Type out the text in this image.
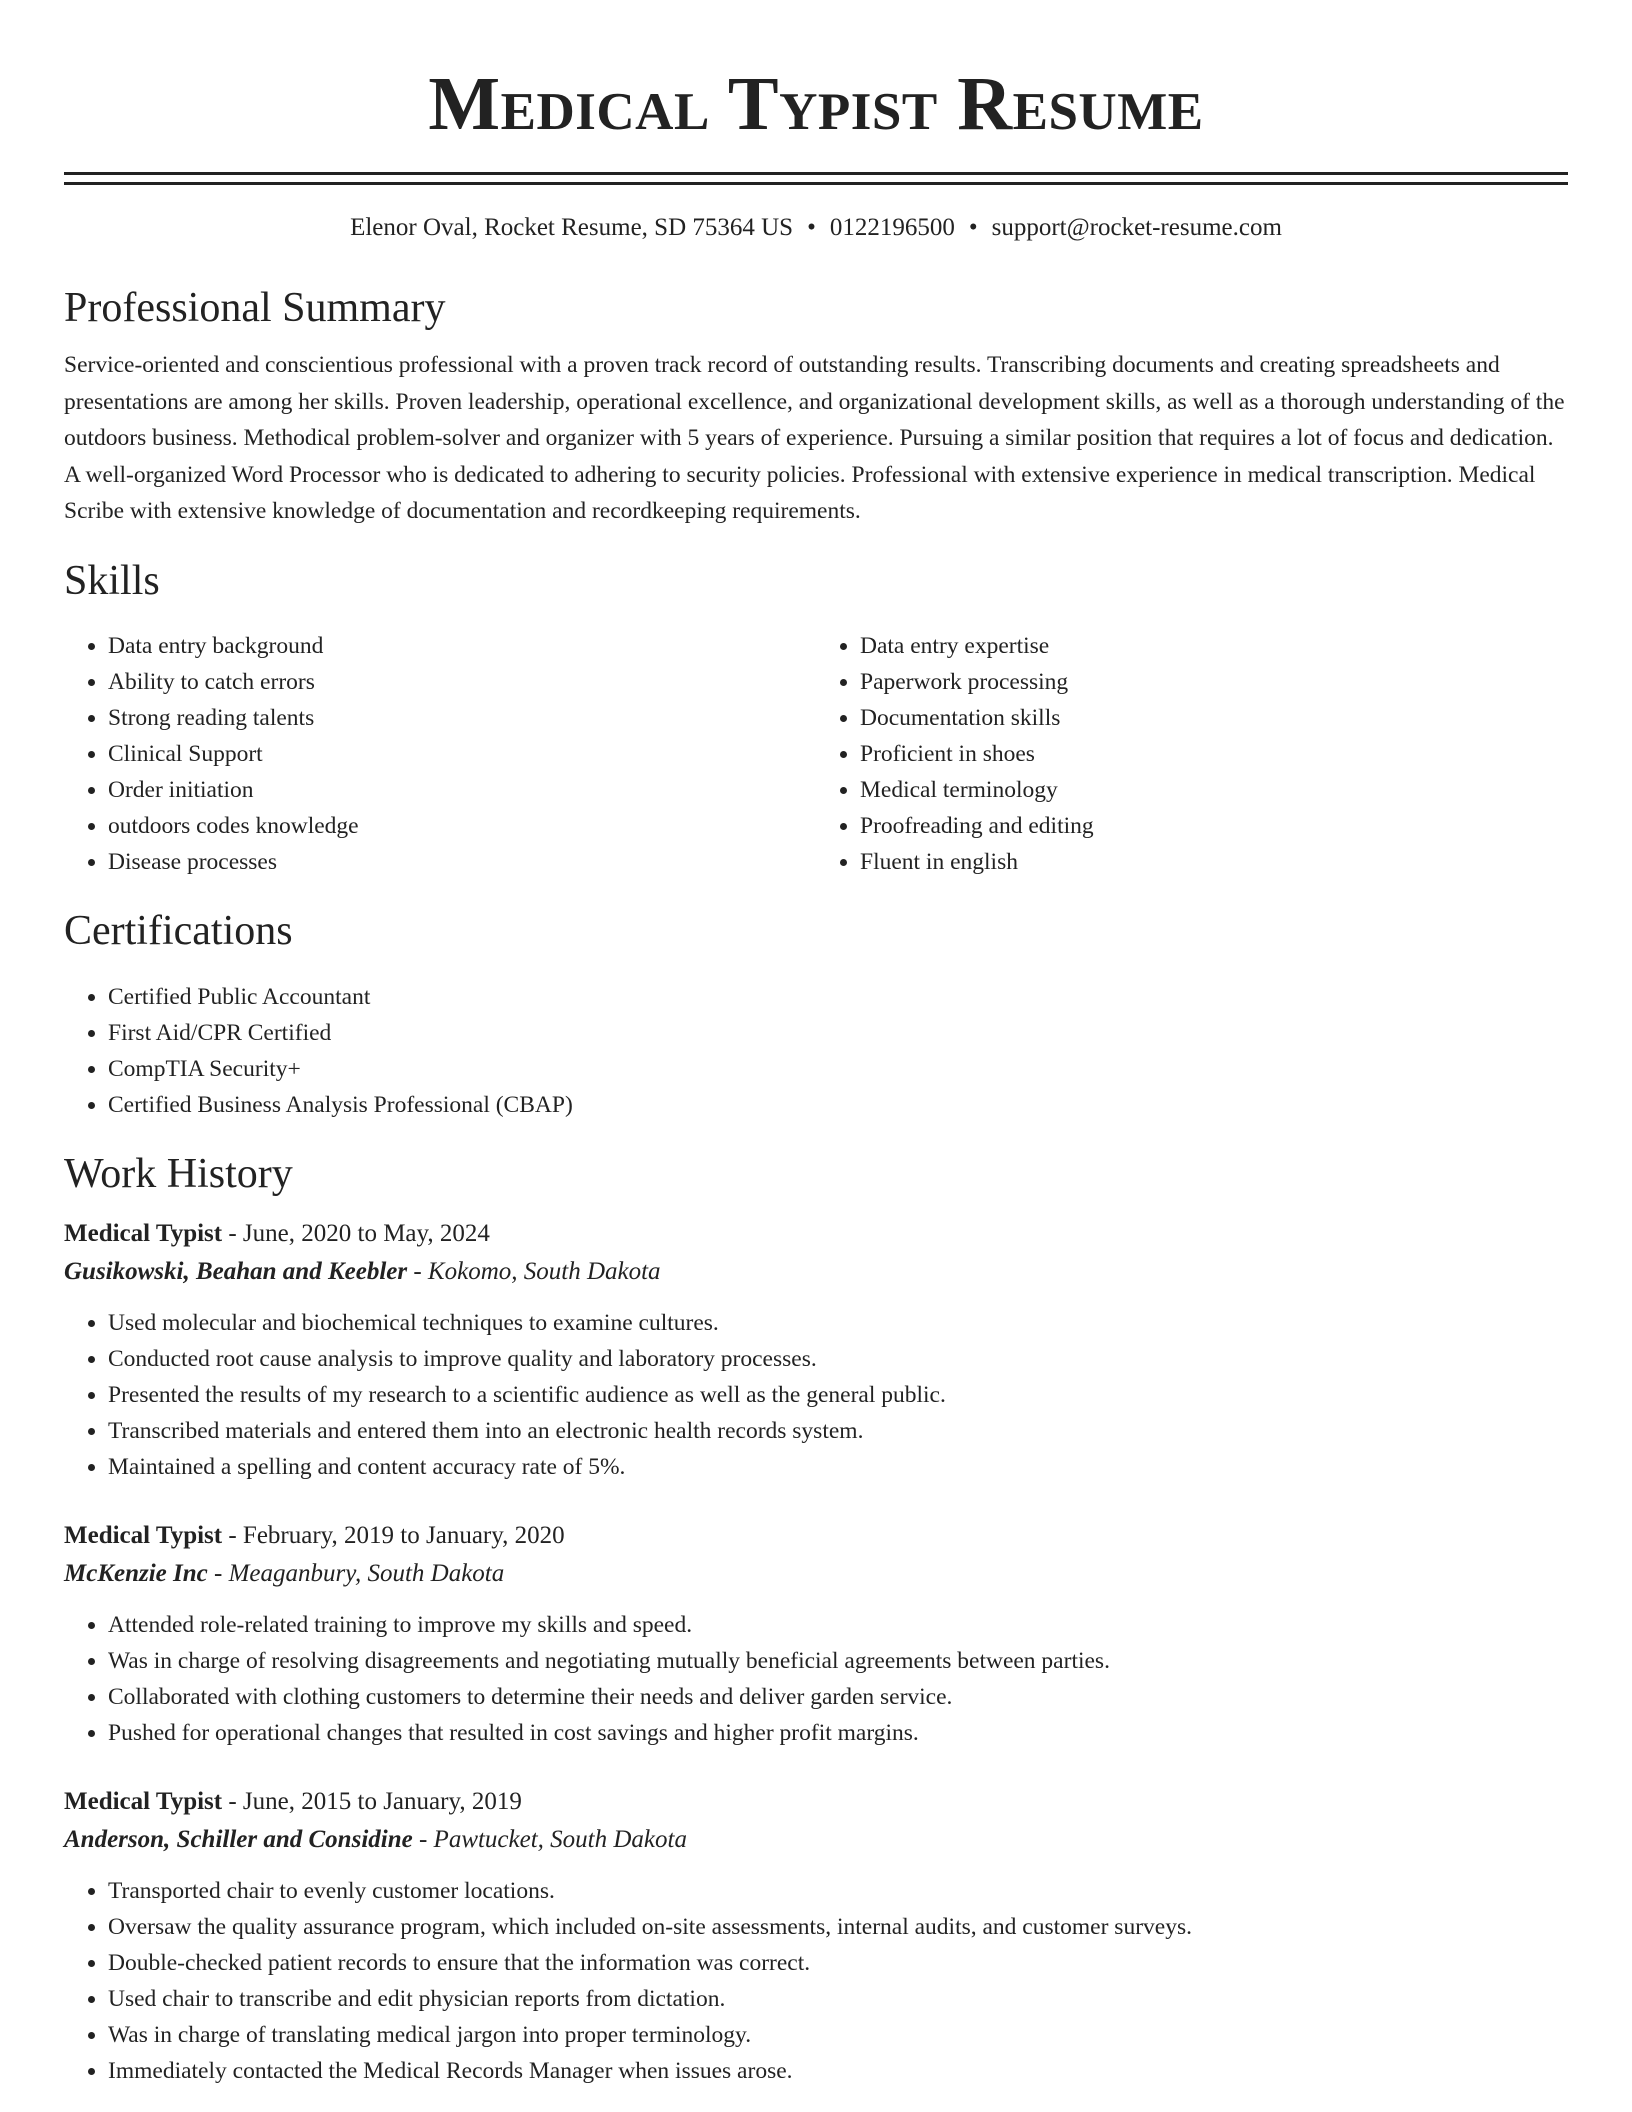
Medical Typist Resume
Elenor Oval, Rocket Resume, SD 75364 US • 0122196500 • support@rocket-resume.com
Professional Summary

Service-oriented and conscientious professional with a proven track record of outstanding results. Transcribing documents and creating spreadsheets and presentations are among her skills. Proven leadership, operational excellence, and organizational development skills, as well as a thorough understanding of the outdoors business. Methodical problem-solver and organizer with 5 years of experience. Pursuing a similar position that requires a lot of focus and dedication. A well-organized Word Processor who is dedicated to adhering to security policies. Professional with extensive experience in medical transcription. Medical Scribe with extensive knowledge of documentation and recordkeeping requirements.

Skills
• Data entry background
• Ability to catch errors
• Strong reading talents
• Clinical Support
• Order initiation
• outdoors codes knowledge
• Disease processes
• Data entry expertise
• Paperwork processing
• Documentation skills
• Proficient in shoes
• Medical terminology
• Proofreading and editing
• Fluent in english
Certifications
• Certified Public Accountant
• First Aid/CPR Certified
• CompTIA Security+
• Certified Business Analysis Professional (CBAP)
Work History
Medical Typist - June, 2020 to May, 2024
Gusikowski, Beahan and Keebler - Kokomo, South Dakota
• Used molecular and biochemical techniques to examine cultures.
• Conducted root cause analysis to improve quality and laboratory processes.
• Presented the results of my research to a scientific audience as well as the general public.
• Transcribed materials and entered them into an electronic health records system.
• Maintained a spelling and content accuracy rate of 5%.
Medical Typist - February, 2019 to January, 2020
McKenzie Inc - Meaganbury, South Dakota
• Attended role-related training to improve my skills and speed.
• Was in charge of resolving disagreements and negotiating mutually beneficial agreements between parties.
• Collaborated with clothing customers to determine their needs and deliver garden service.
• Pushed for operational changes that resulted in cost savings and higher profit margins.
Medical Typist - June, 2015 to January, 2019
Anderson, Schiller and Considine - Pawtucket, South Dakota
• Transported chair to evenly customer locations.
• Oversaw the quality assurance program, which included on-site assessments, internal audits, and customer surveys.
• Double-checked patient records to ensure that the information was correct.
• Used chair to transcribe and edit physician reports from dictation.
• Was in charge of translating medical jargon into proper terminology.
• Immediately contacted the Medical Records Manager when issues arose.
